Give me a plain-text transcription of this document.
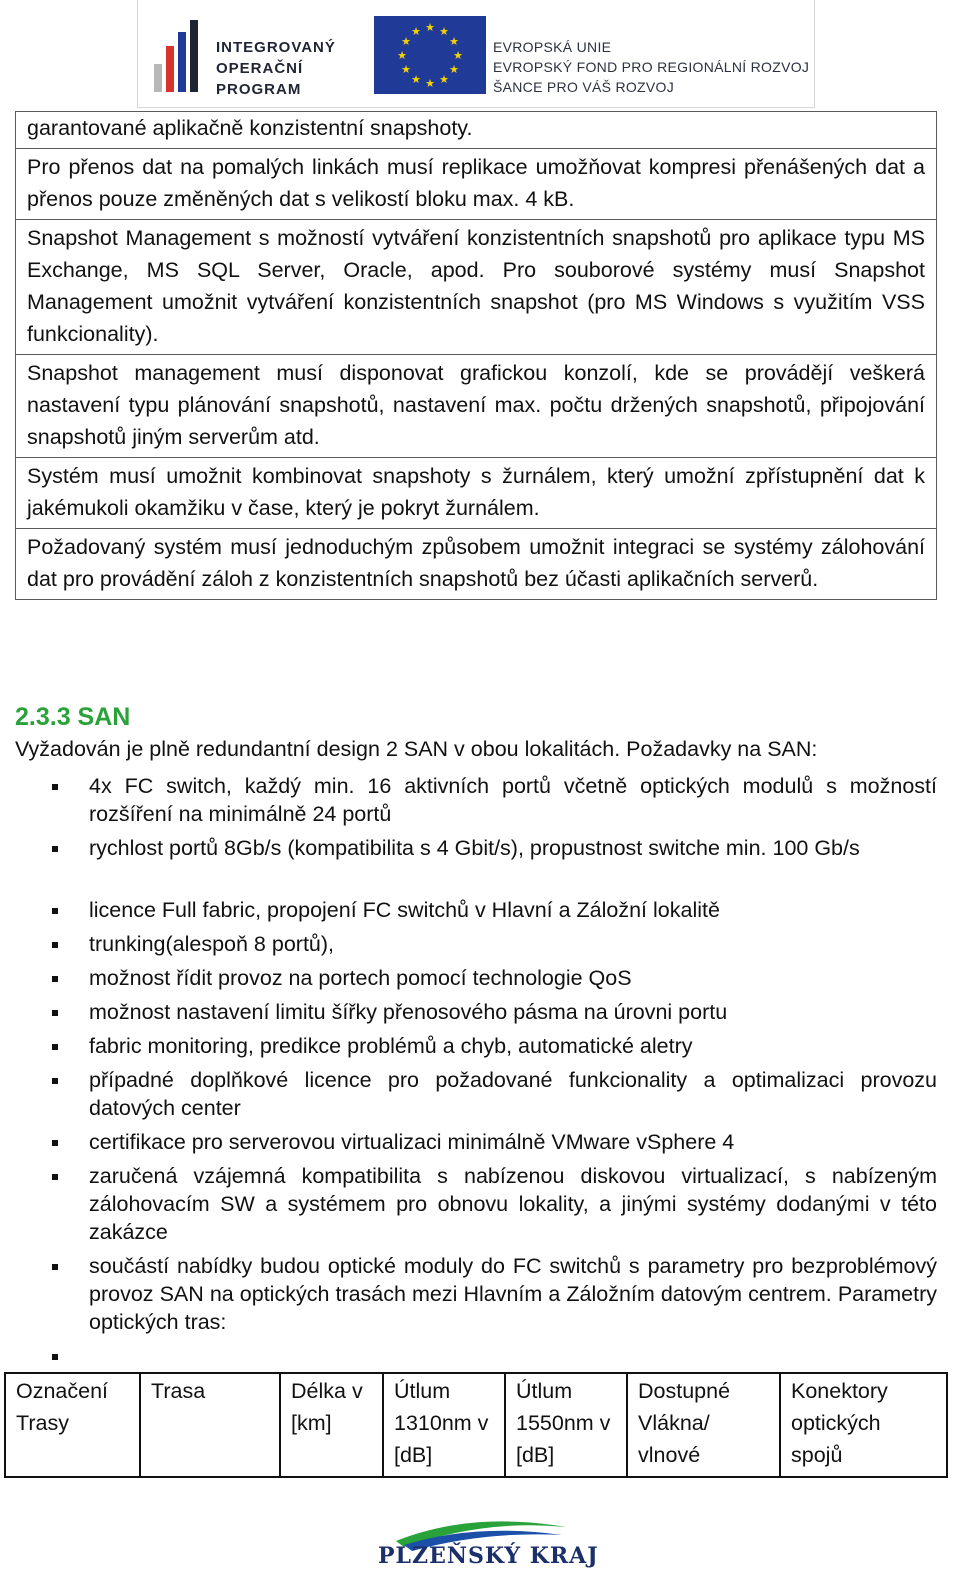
INTEGROVANÝ
OPERAČNÍ
PROGRAM
★ ★
★
★
★
★
★
★
★
★
★
★
EVROPSKÁ UNIE
EVROPSKÝ FOND PRO REGIONÁLNÍ ROZVOJ
ŠANCE PRO VÁŠ ROZVOJ
garantované aplikačně konzistentní snapshoty.
Pro přenos dat na pomalých linkách musí replikace umožňovat kompresi přenášených dat a přenos pouze změněných dat s velikostí bloku max. 4 kB.
Snapshot Management s možností vytváření konzistentních snapshotů pro aplikace typu MS Exchange, MS SQL Server, Oracle, apod. Pro souborové systémy musí Snapshot Management umožnit vytváření konzistentních snapshot (pro MS Windows s využitím VSS funkcionality).
Snapshot management musí disponovat grafickou konzolí, kde se provádějí veškerá nastavení typu plánování snapshotů, nastavení max. počtu držených snapshotů, připojování snapshotů jiným serverům atd.
Systém musí umožnit kombinovat snapshoty s žurnálem, který umožní zpřístupnění dat k jakémukoli okamžiku v čase, který je pokryt žurnálem.
Požadovaný systém musí jednoduchým způsobem umožnit integraci se systémy zálohování dat pro provádění záloh z konzistentních snapshotů bez účasti aplikačních serverů.
2.3.3 SAN
Vyžadován je plně redundantní design 2 SAN v obou lokalitách. Požadavky na SAN:
4x FC switch, každý min. 16 aktivních portů včetně optických modulů s možností rozšíření na minimálně 24 portů
rychlost portů 8Gb/s (kompatibilita s 4 Gbit/s), propustnost switche min. 100 Gb/s
licence Full fabric, propojení FC switchů v Hlavní a Záložní lokalitě
trunking(alespoň 8 portů),
možnost řídit provoz na portech pomocí technologie QoS
možnost nastavení limitu šířky přenosového pásma na úrovni portu
fabric monitoring, predikce problémů a chyb, automatické aletry
případné doplňkové licence pro požadované funkcionality a optimalizaci provozu datových center
certifikace pro serverovou virtualizaci minimálně VMware vSphere 4
zaručená vzájemná kompatibilita s nabízenou diskovou virtualizací, s nabízeným zálohovacím SW a systémem pro obnovu lokality, a jinými systémy dodanými v této zakázce
součástí nabídky budou optické moduly do FC switchů s parametry pro bezproblémový provoz SAN na optických trasách mezi Hlavním a Záložním datovým centrem. Parametry optických tras:
Označení Trasy	Trasa	Délka v [km]	Útlum 1310nm v [dB]	Útlum 1550nm v [dB]	Dostupné Vlákna/ vlnové	Konektory optických spojů
PLZEŇSKÝ KRAJ
